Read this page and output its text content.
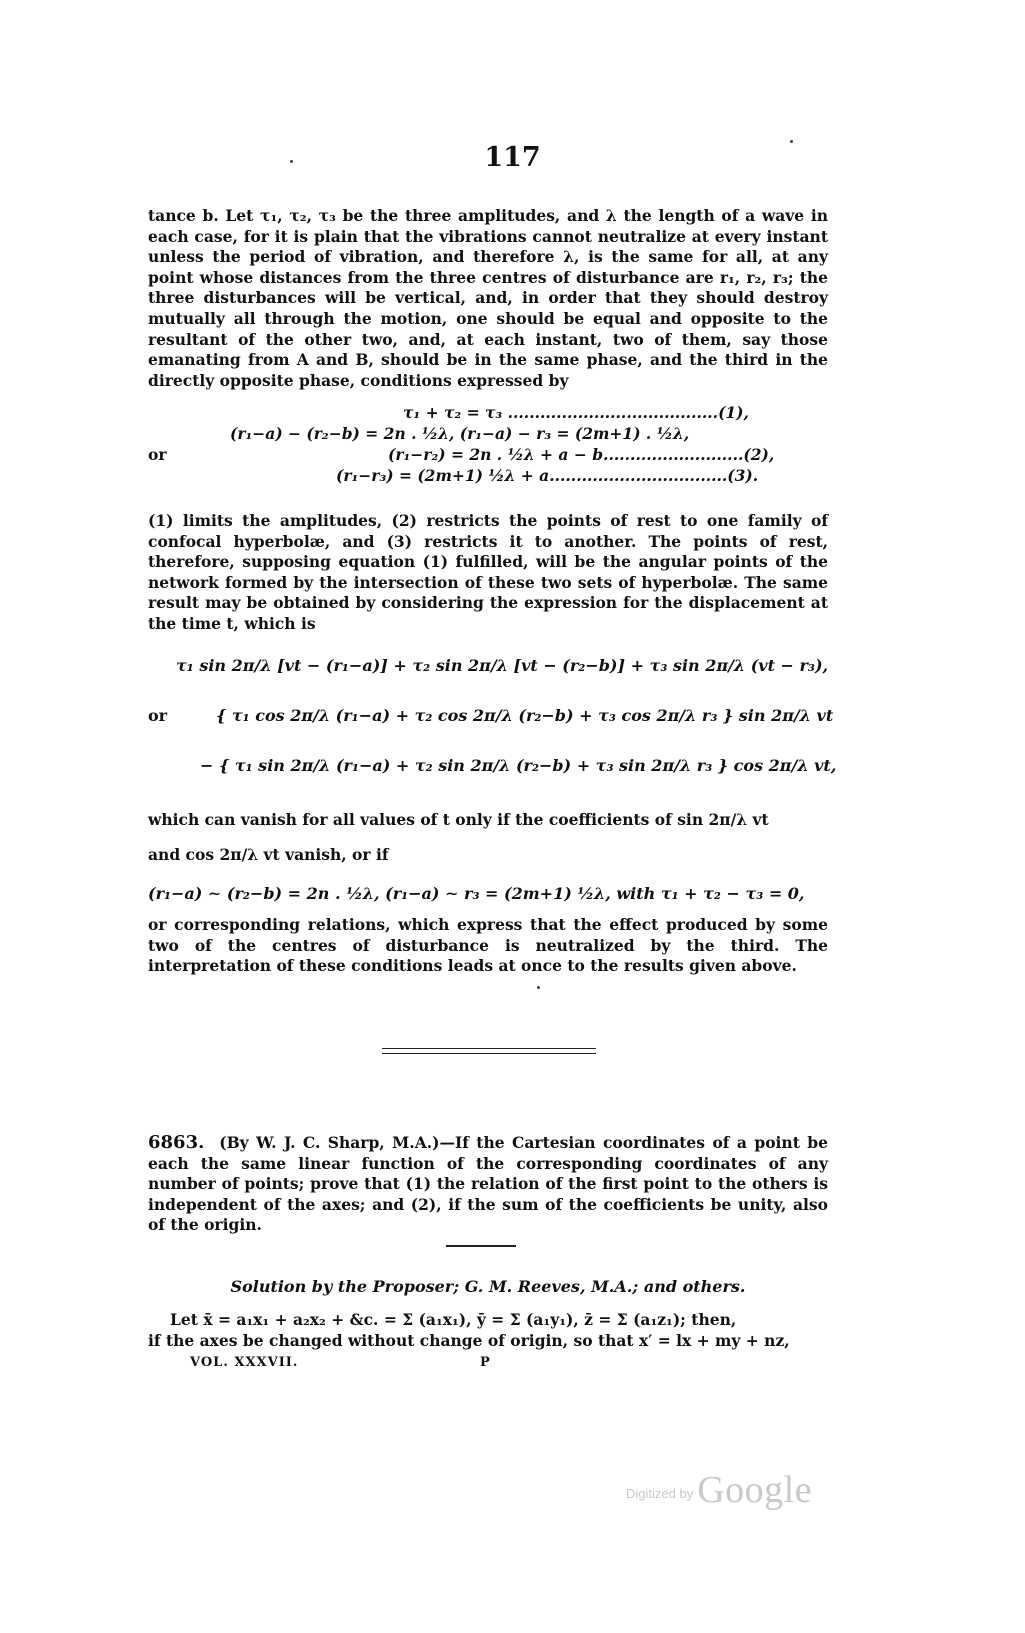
117

tance b. Let τ₁, τ₂, τ₃ be the three amplitudes, and λ the length of a wave in each case, for it is plain that the vibrations cannot neutralize at every instant unless the period of vibration, and therefore λ, is the same for all, at any point whose distances from the three centres of disturbance are r₁, r₂, r₃; the three disturbances will be vertical, and, in order that they should destroy mutually all through the motion, one should be equal and opposite to the resultant of the other two, and, at each instant, two of them, say those emanating from A and B, should be in the same phase, and the third in the directly opposite phase, conditions expressed by

τ₁ + τ₂ = τ₃ .......................................(1),
(r₁−a) − (r₂−b) = 2n . ½λ, (r₁−a) − r₃ = (2m+1) . ½λ,
or	(r₁−r₂) = 2n . ½λ + a − b..........................(2),
(r₁−r₃) = (2m+1) ½λ + a.................................(3).

(1) limits the amplitudes, (2) restricts the points of rest to one family of confocal hyperbolæ, and (3) restricts it to another. The points of rest, therefore, supposing equation (1) fulfilled, will be the angular points of the network formed by the intersection of these two sets of hyperbolæ. The same result may be obtained by considering the expression for the displacement at the time t, which is

τ₁ sin 2π/λ [vt − (r₁−a)] + τ₂ sin 2π/λ [vt − (r₂−b)] + τ₃ sin 2π/λ (vt − r₃),
or	{ τ₁ cos 2π/λ (r₁−a) + τ₂ cos 2π/λ (r₂−b) + τ₃ cos 2π/λ r₃ } sin 2π/λ vt
− { τ₁ sin 2π/λ (r₁−a) + τ₂ sin 2π/λ (r₂−b) + τ₃ sin 2π/λ r₃ } cos 2π/λ vt,

which can vanish for all values of t only if the coefficients of sin 2π/λ vt

and cos 2π/λ vt vanish, or if

(r₁−a) ∼ (r₂−b) = 2n . ½λ, (r₁−a) ∼ r₃ = (2m+1) ½λ, with τ₁ + τ₂ − τ₃ = 0,

or corresponding relations, which express that the effect produced by some two of the centres of disturbance is neutralized by the third. The interpretation of these conditions leads at once to the results given above.

6863. (By W. J. C. Sharp, M.A.)—If the Cartesian coordinates of a point be each the same linear function of the corresponding coordinates of any number of points; prove that (1) the relation of the first point to the others is independent of the axes; and (2), if the sum of the coefficients be unity, also of the origin.

Solution by the Proposer; G. M. Reeves, M.A.; and others.

Let x̄ = a₁x₁ + a₂x₂ + &c. = Σ (a₁x₁), ȳ = Σ (a₁y₁), z̄ = Σ (a₁z₁); then,

if the axes be changed without change of origin, so that x′ = lx + my + nz,

VOL. XXXVII.	P
$^{Digitized by}$ Google
